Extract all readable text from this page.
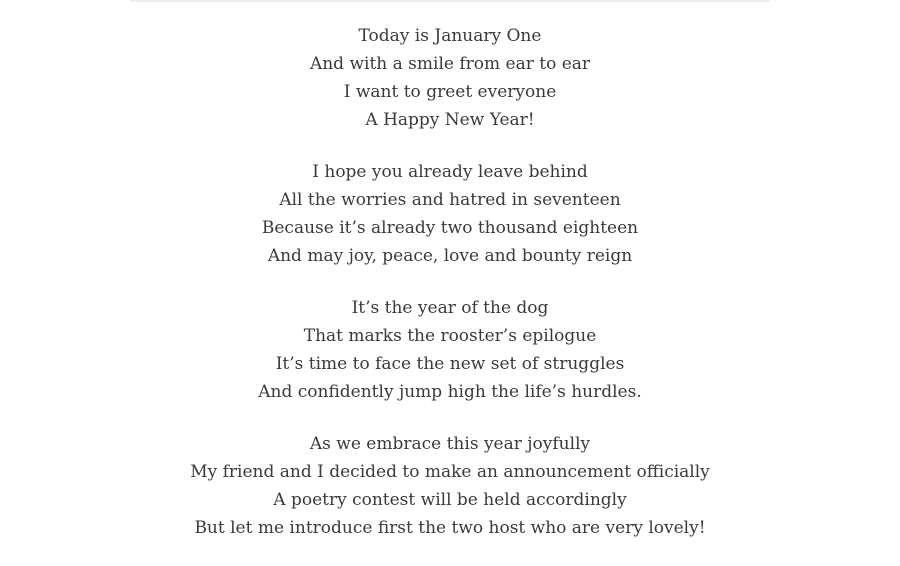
Today is January One
And with a smile from ear to ear
I want to greet everyone
A Happy New Year!
I hope you already leave behind
All the worries and hatred in seventeen
Because it’s already two thousand eighteen
And may joy, peace, love and bounty reign
It’s the year of the dog
That marks the rooster’s epilogue
It’s time to face the new set of struggles
And confidently jump high the life’s hurdles.
As we embrace this year joyfully
My friend and I decided to make an announcement officially
A poetry contest will be held accordingly
But let me introduce first the two host who are very lovely!
